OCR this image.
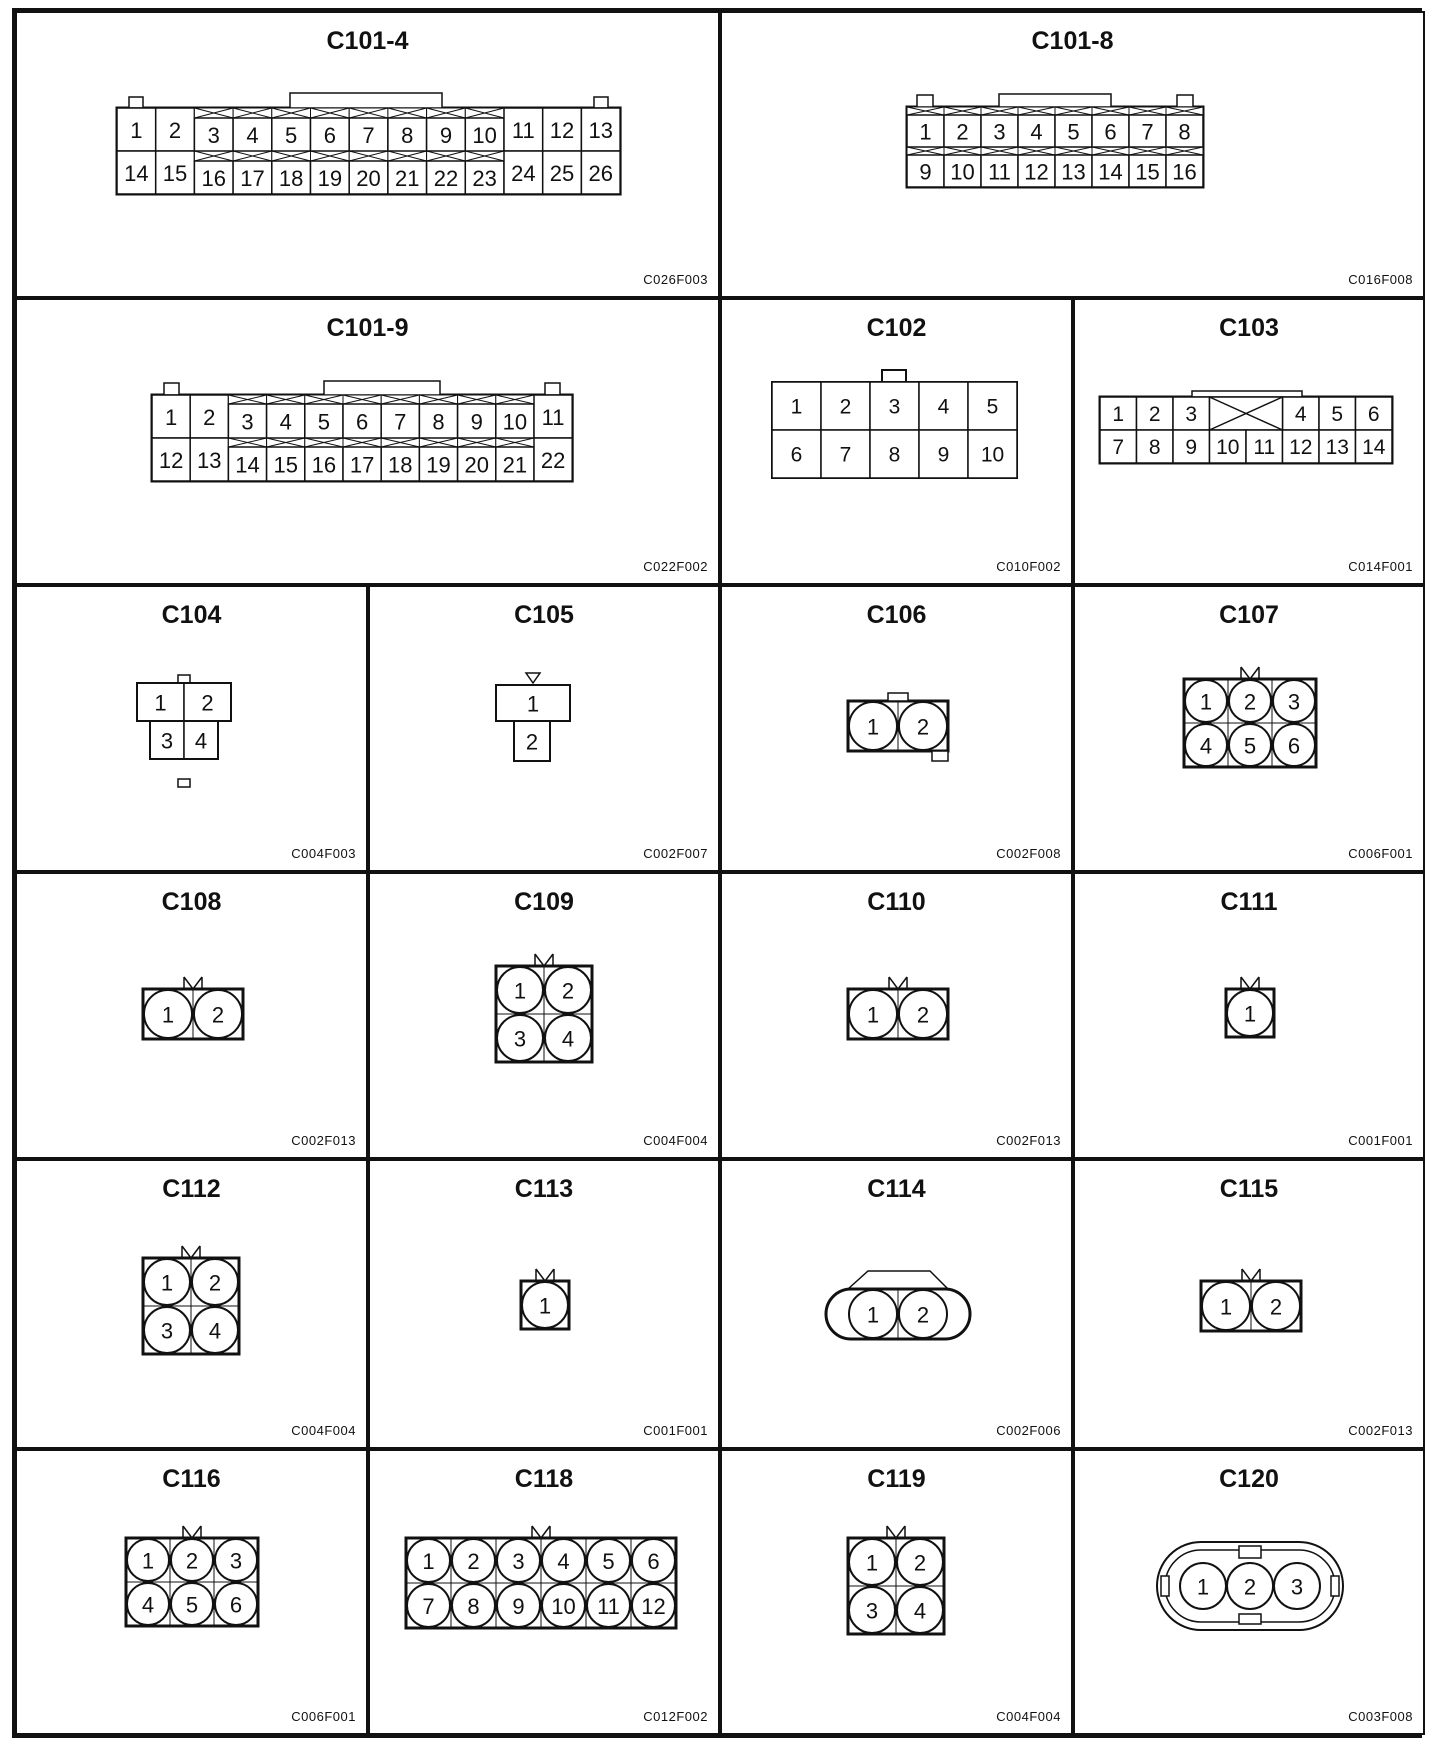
C101-4
1
14
2
15
3
16
4
17
5
18
6
19
7
20
8
21
9
22
10
23
11
24
12
25
13
26
C026F003
C101-8
1
9
2
10
3
11
4
12
5
13
6
14
7
15
8
16
C016F008
C101-9
1
12
2
13
3
14
4
15
5
16
6
17
7
18
8
19
9
20
10
21
11
22
C022F002
C102
1
6
2
7
3
8
4
9
5
10
C010F002
C103
1 2 3	4 5 6
7 8 9 10 11 12 13 14
C014F001
C104
1 2
3 4
C004F003
C105
1
2
C002F007
C106
1 2
C002F008
C107
1 2 3
4 5 6
C006F001
C108
1 2
C002F013
C109
1 2
3 4
C004F004
C110
1 2
C002F013
C111
1
C001F001
C112
1 2
3 4
C004F004
C113
1
C001F001
C114
1 2
C002F006
C115
1 2
C002F013
C116
1 2 3
4 5 6
C006F001
C118
1 2 3 4 5 6
7 8 9 10 11 12
C012F002
C119
1 2
3 4
C004F004
C120
1 2 3
C003F008
